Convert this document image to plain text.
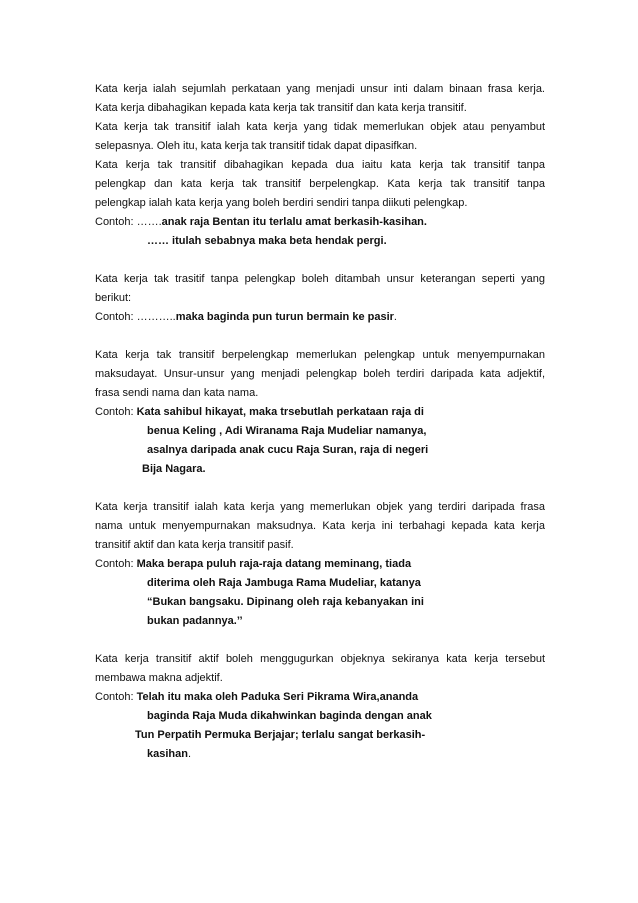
Kata kerja ialah sejumlah perkataan yang menjadi unsur inti dalam binaan frasa kerja.
Kata kerja dibahagikan kepada kata kerja tak transitif dan kata kerja transitif.
Kata kerja tak transitif ialah kata kerja yang tidak memerlukan objek atau penyambut
selepasnya. Oleh itu, kata kerja tak transitif tidak dapat dipasifkan.
Kata kerja tak transitif dibahagikan kepada dua iaitu kata kerja tak transitif tanpa
pelengkap dan kata kerja tak transitif berpelengkap. Kata kerja tak transitif tanpa
pelengkap ialah kata kerja yang boleh berdiri sendiri tanpa diikuti pelengkap.
Contoh: …….anak raja Bentan itu terlalu amat berkasih-kasihan.
…… itulah sebabnya maka beta hendak pergi.
Kata kerja tak trasitif tanpa pelengkap boleh ditambah unsur keterangan seperti yang
berikut:
Contoh: ………..maka baginda pun turun bermain ke pasir.
Kata kerja tak transitif berpelengkap memerlukan pelengkap untuk menyempurnakan
maksudayat. Unsur-unsur yang menjadi pelengkap boleh terdiri daripada kata adjektif,
frasa sendi nama dan kata nama.
Contoh: Kata sahibul hikayat, maka trsebutlah perkataan raja di
benua Keling , Adi Wiranama Raja Mudeliar namanya,
asalnya daripada anak cucu Raja Suran, raja di negeri
Bija Nagara.
Kata kerja transitif ialah kata kerja yang memerlukan objek yang terdiri daripada frasa
nama untuk menyempurnakan maksudnya. Kata kerja ini terbahagi kepada kata kerja
transitif aktif dan kata kerja transitif pasif.
Contoh: Maka berapa puluh raja-raja datang meminang, tiada
diterima oleh Raja Jambuga Rama Mudeliar, katanya
“Bukan bangsaku. Dipinang oleh raja kebanyakan ini
bukan padannya.’’
Kata kerja transitif aktif boleh menggugurkan objeknya sekiranya kata kerja tersebut
membawa makna adjektif.
Contoh: Telah itu maka oleh Paduka Seri Pikrama Wira,ananda
baginda Raja Muda dikahwinkan baginda dengan anak
Tun Perpatih Permuka Berjajar; terlalu sangat berkasih-
kasihan.
